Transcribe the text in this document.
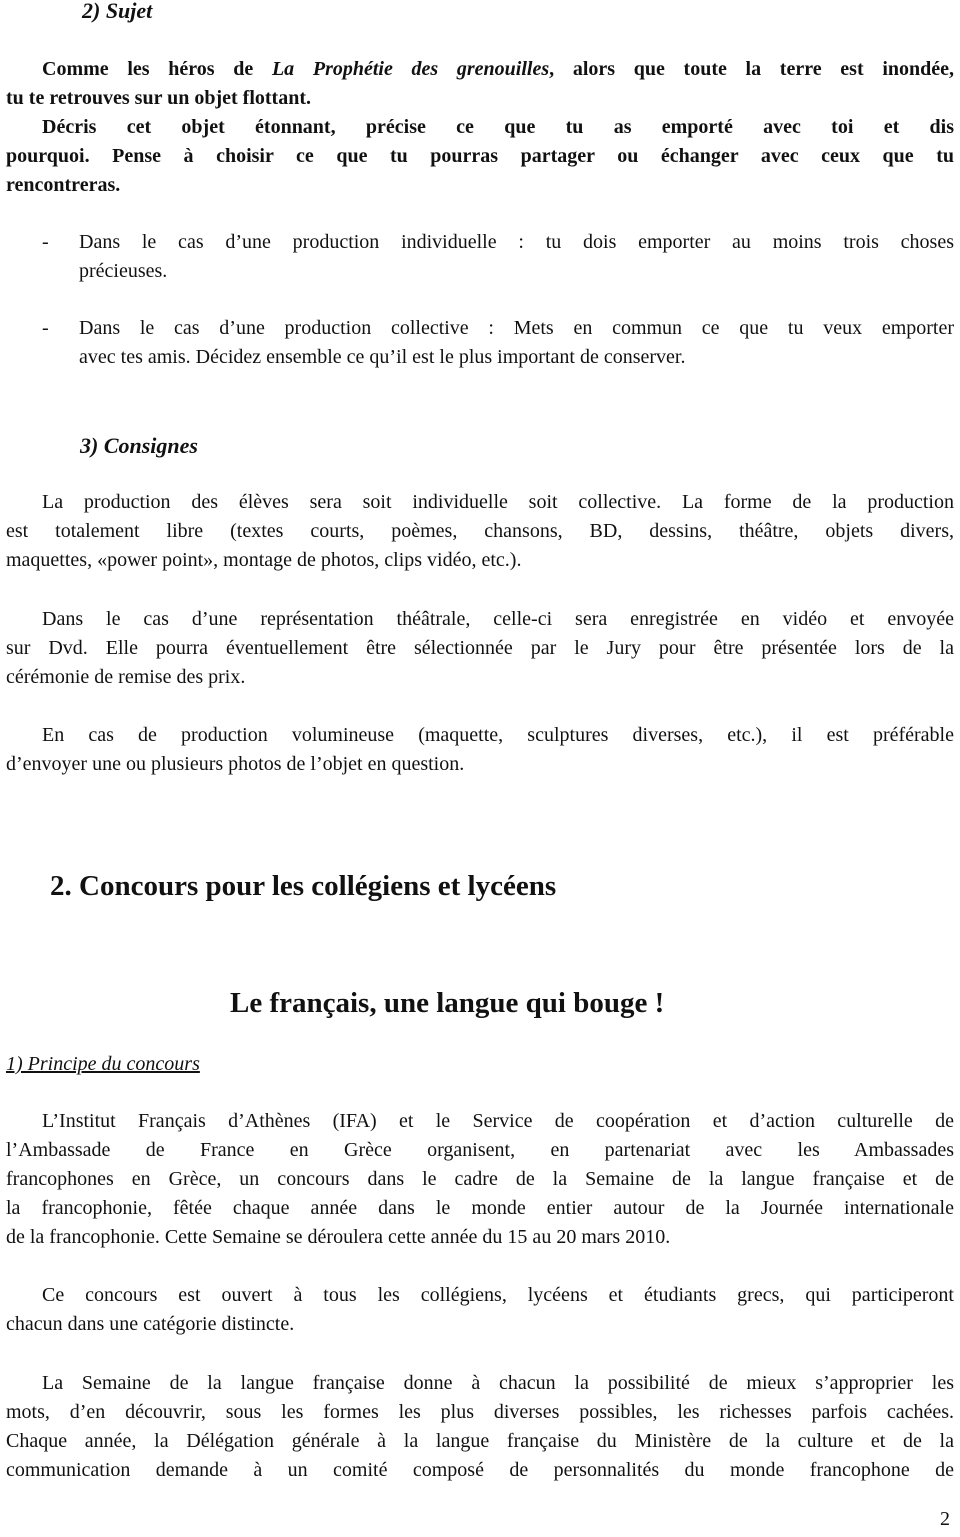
2) Sujet
Comme les héros de La Prophétie des grenouilles, alors que toute la terre est inondée,
tu te retrouves sur un objet flottant.
Décris cet objet étonnant, précise ce que tu as emporté avec toi et dis
pourquoi. Pense à choisir ce que tu pourras partager ou échanger avec ceux que tu
rencontreras.
- Dans le cas d’une production individuelle : tu dois emporter au moins trois choses
précieuses.
- Dans le cas d’une production collective : Mets en commun ce que tu veux emporter
avec tes amis. Décidez ensemble ce qu’il est le plus important de conserver.
3) Consignes
La production des élèves sera soit individuelle soit collective. La forme de la production
est totalement libre (textes courts, poèmes, chansons, BD, dessins, théâtre, objets divers,
maquettes, «power point», montage de photos, clips vidéo, etc.).
Dans le cas d’une représentation théâtrale, celle-ci sera enregistrée en vidéo et envoyée
sur Dvd. Elle pourra éventuellement être sélectionnée par le Jury pour être présentée lors de la
cérémonie de remise des prix.
En cas de production volumineuse (maquette, sculptures diverses, etc.), il est préférable
d’envoyer une ou plusieurs photos de l’objet en question.
2. Concours pour les collégiens et lycéens
Le français, une langue qui bouge !
1) Principe du concours
L’Institut Français d’Athènes (IFA) et le Service de coopération et d’action culturelle de
l’Ambassade de France en Grèce organisent, en partenariat avec les Ambassades
francophones en Grèce, un concours dans le cadre de la Semaine de la langue française et de
la francophonie, fêtée chaque année dans le monde entier autour de la Journée internationale
de la francophonie. Cette Semaine se déroulera cette année du 15 au 20 mars 2010.
Ce concours est ouvert à tous les collégiens, lycéens et étudiants grecs, qui participeront
chacun dans une catégorie distincte.
La Semaine de la langue française donne à chacun la possibilité de mieux s’approprier les
mots, d’en découvrir, sous les formes les plus diverses possibles, les richesses parfois cachées.
Chaque année, la Délégation générale à la langue française du Ministère de la culture et de la
communication demande à un comité composé de personnalités du monde francophone de
2
